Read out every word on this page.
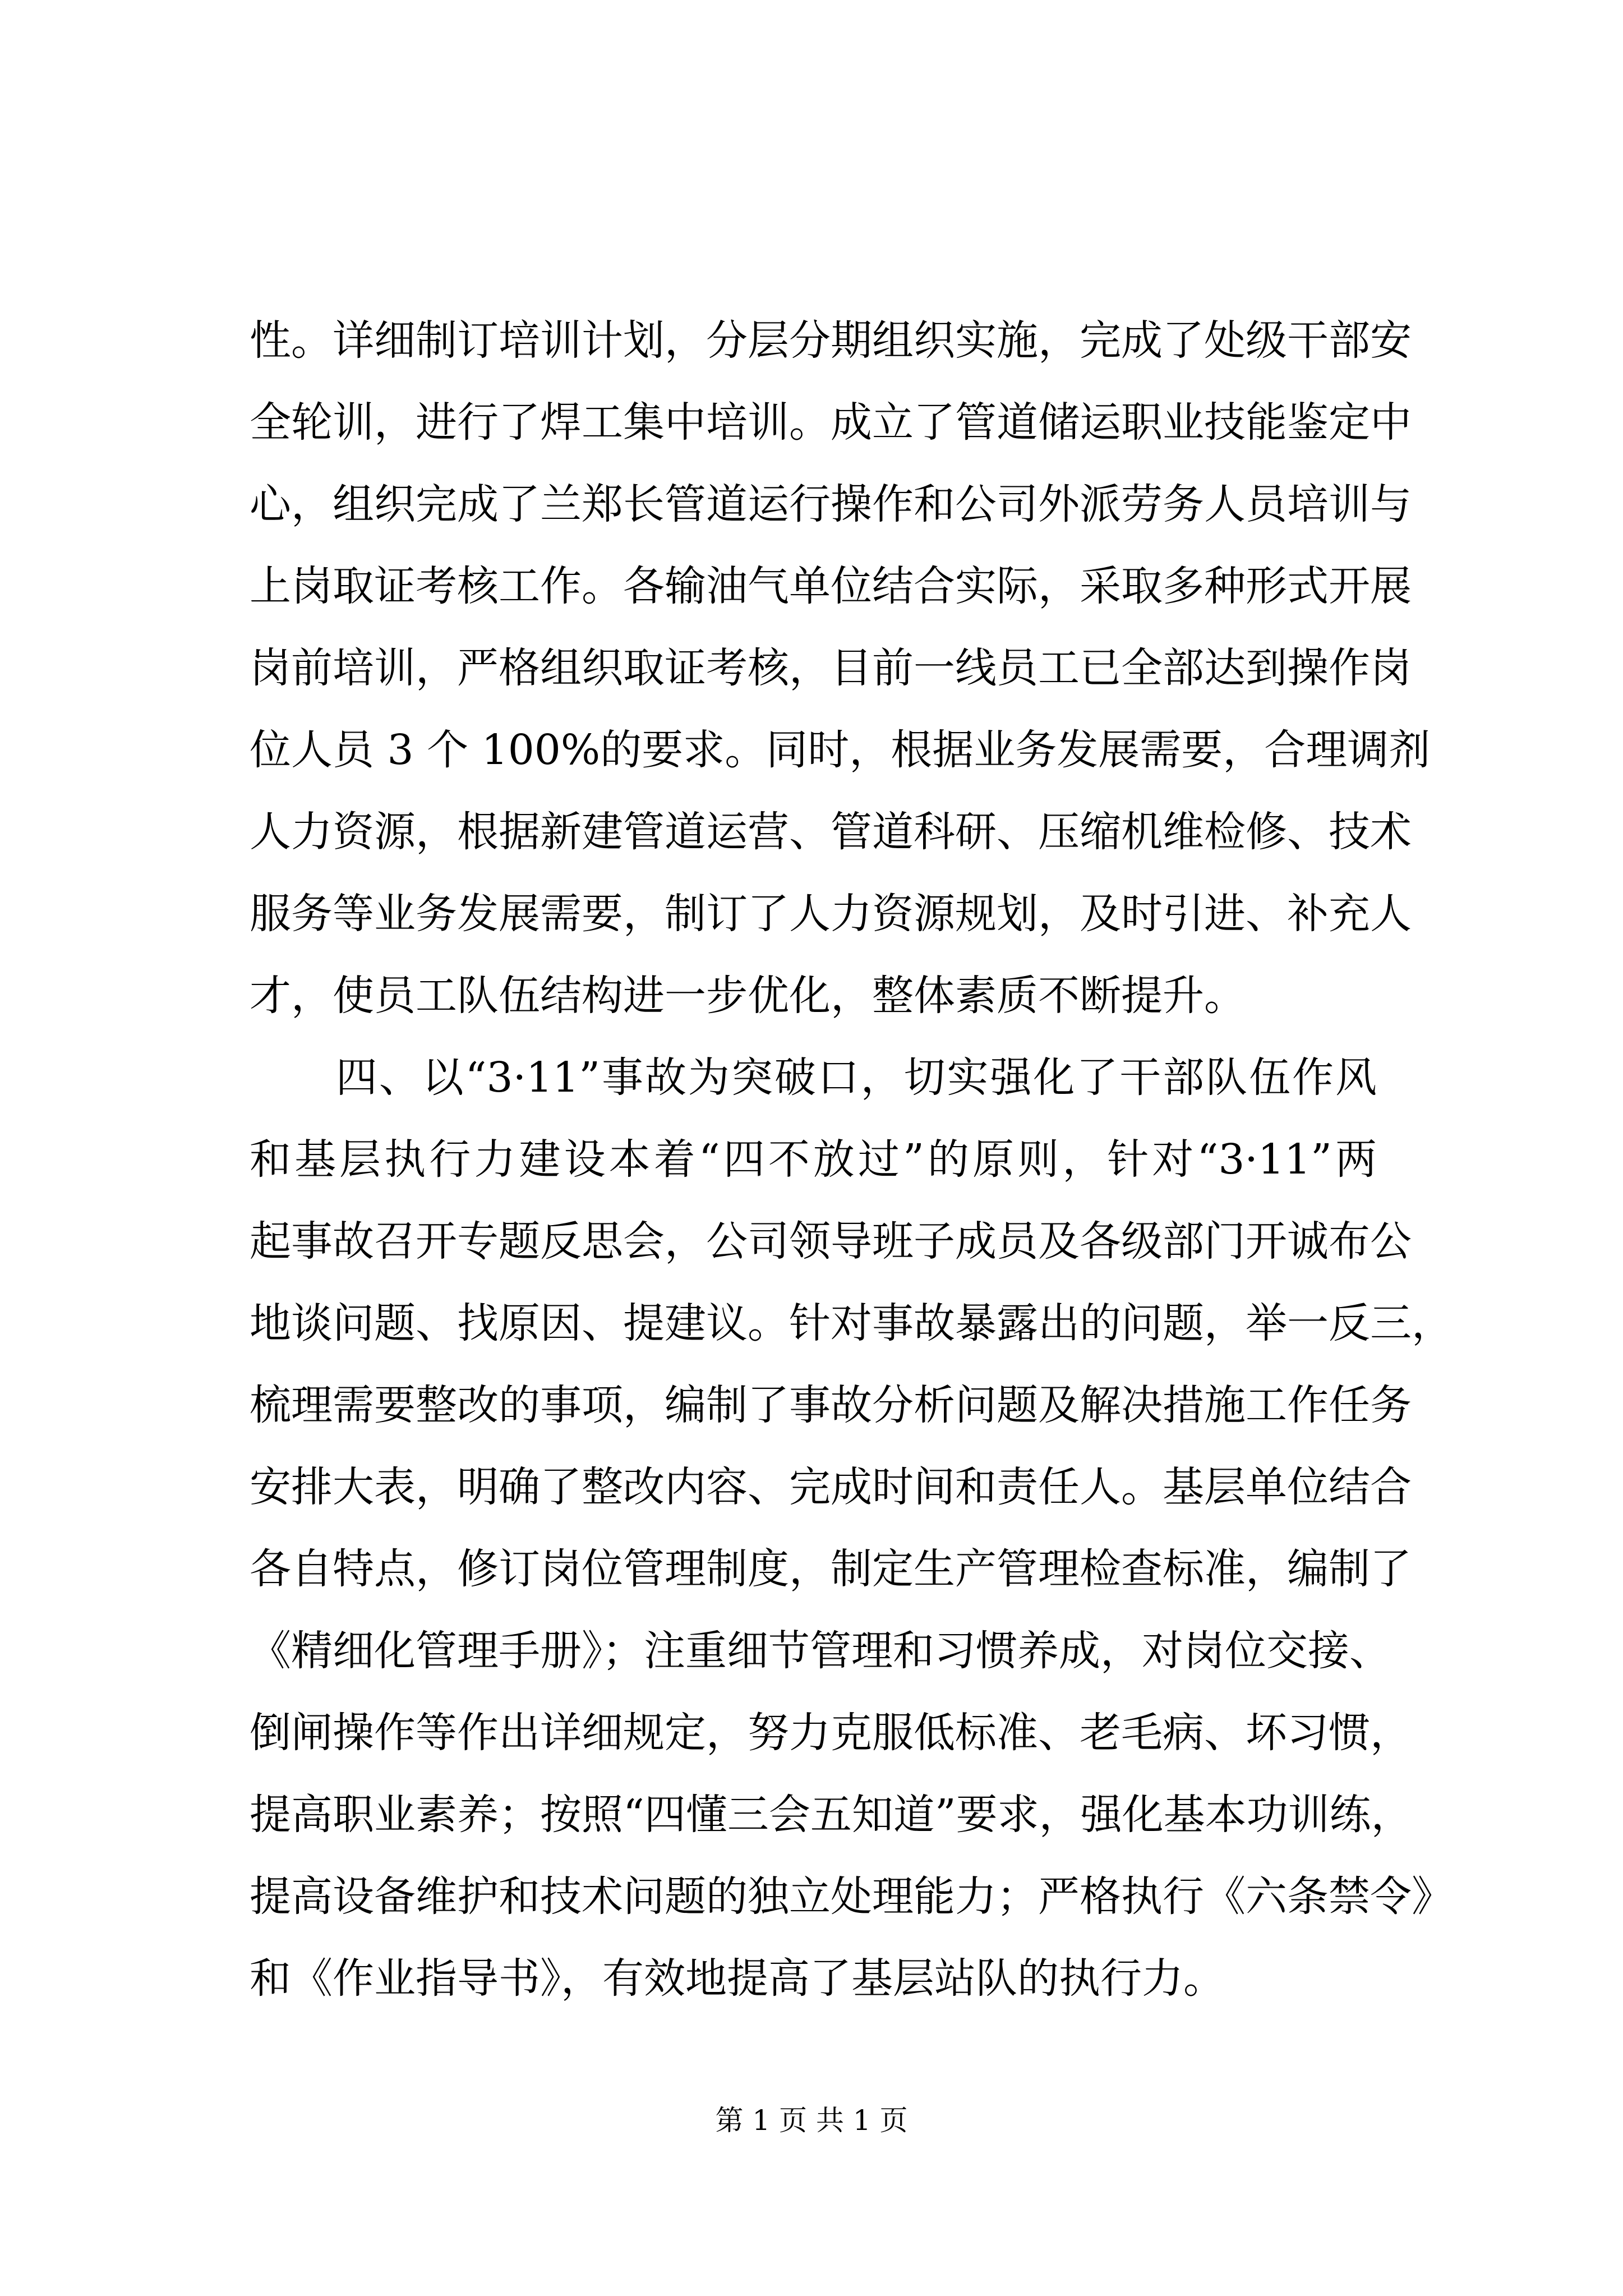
性。详细制订培训计划，分层分期组织实施，完成了处级干部安
全轮训，进行了焊工集中培训。成立了管道储运职业技能鉴定中
心，组织完成了兰郑长管道运行操作和公司外派劳务人员培训与
上岗取证考核工作。各输油气单位结合实际，采取多种形式开展
岗前培训，严格组织取证考核，目前一线员工已全部达到操作岗
位人员 3 个 100%的要求。同时，根据业务发展需要，合理调剂
人力资源，根据新建管道运营、管道科研、压缩机维检修、技术
服务等业务发展需要，制订了人力资源规划，及时引进、补充人
才，使员工队伍结构进一步优化，整体素质不断提升。
　　四、以“3·11”事故为突破口，切实强化了干部队伍作风
和基层执行力建设本着“四不放过”的原则，针对“3·11”两
起事故召开专题反思会，公司领导班子成员及各级部门开诚布公
地谈问题、找原因、提建议。针对事故暴露出的问题，举一反三，
梳理需要整改的事项，编制了事故分析问题及解决措施工作任务
安排大表，明确了整改内容、完成时间和责任人。基层单位结合
各自特点，修订岗位管理制度，制定生产管理检查标准，编制了
《精细化管理手册》；注重细节管理和习惯养成，对岗位交接、
倒闸操作等作出详细规定，努力克服低标准、老毛病、坏习惯，
提高职业素养；按照“四懂三会五知道”要求，强化基本功训练，
提高设备维护和技术问题的独立处理能力；严格执行《六条禁令》
和《作业指导书》，有效地提高了基层站队的执行力。
第 1 页 共 1 页
